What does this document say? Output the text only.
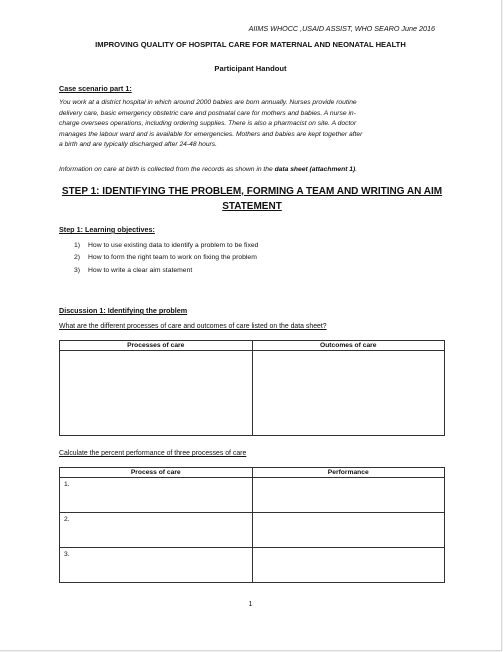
AIIMS WHOCC ,USAID ASSIST, WHO SEARO June 2016
IMPROVING QUALITY OF HOSPITAL CARE FOR MATERNAL AND NEONATAL HEALTH
Participant Handout
Case scenario part 1:
You work at a district hospital in which around 2000 babies are born annually. Nurses provide routine
delivery care, basic emergency obstetric care and postnatal care for mothers and babies. A nurse in-
charge oversees operations, including ordering supplies. There is also a pharmacist on site. A doctor
manages the labour ward and is available for emergencies. Mothers and babies are kept together after
a birth and are typically discharged after 24-48 hours.
Information on care at birth is collected from the records as shown in the data sheet (attachment 1).
STEP 1: IDENTIFYING THE PROBLEM, FORMING A TEAM AND WRITING AN AIM
STATEMENT
Step 1: Learning objectives:
1) How to use existing data to identify a problem to be fixed
2) How to form the right team to work on fixing the problem
3) How to write a clear aim statement
Discussion 1: Identifying the problem
What are the different processes of care and outcomes of care listed on the data sheet?
Processes of care	Outcomes of care

Calculate the percent performance of three processes of care
Process of care	Performance
1.	
2.	
3.	
1
